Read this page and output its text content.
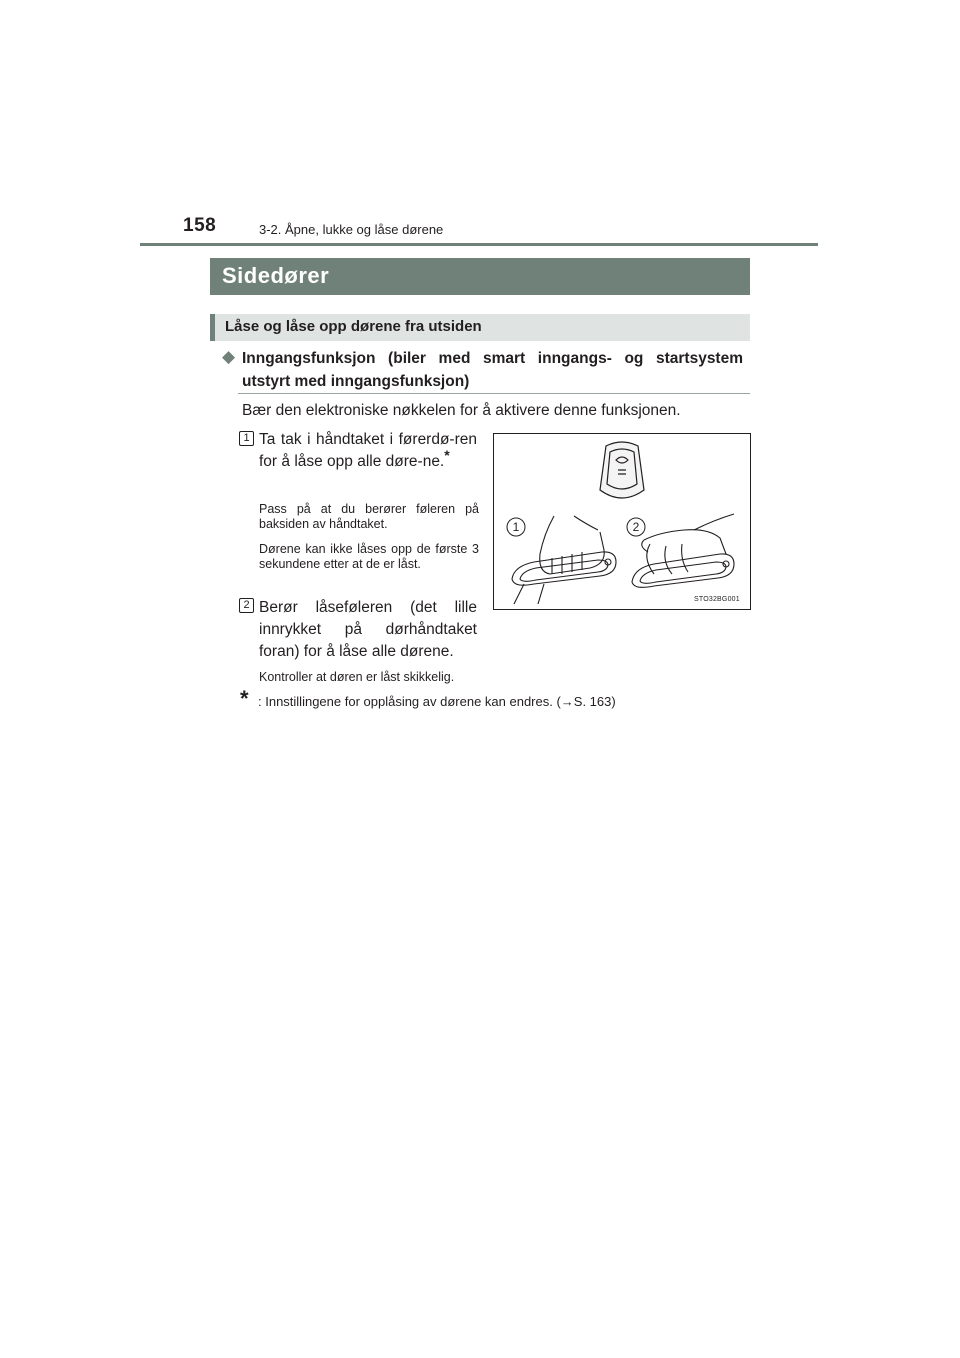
158	3-2. Åpne, lukke og låse dørene
Sidedører
Låse og låse opp dørene fra utsiden
◆ Inngangsfunksjon (biler med smart inngangs- og startsystem utstyrt med inngangsfunksjon)
Bær den elektroniske nøkkelen for å aktivere denne funksjonen.
1 Ta tak i håndtaket i førerdø-ren for å låse opp alle døre-ne.*
Pass på at du berører føleren på baksiden av håndtaket.
Dørene kan ikke låses opp de første 3 sekundene etter at de er låst.
2 Berør låseføleren (det lille innrykket på dørhåndtaket foran) for å låse alle dørene.
Kontroller at døren er låst skikkelig.
* : Innstillingene for opplåsing av dørene kan endres. (→S. 163)
1	2
STO32BG001
